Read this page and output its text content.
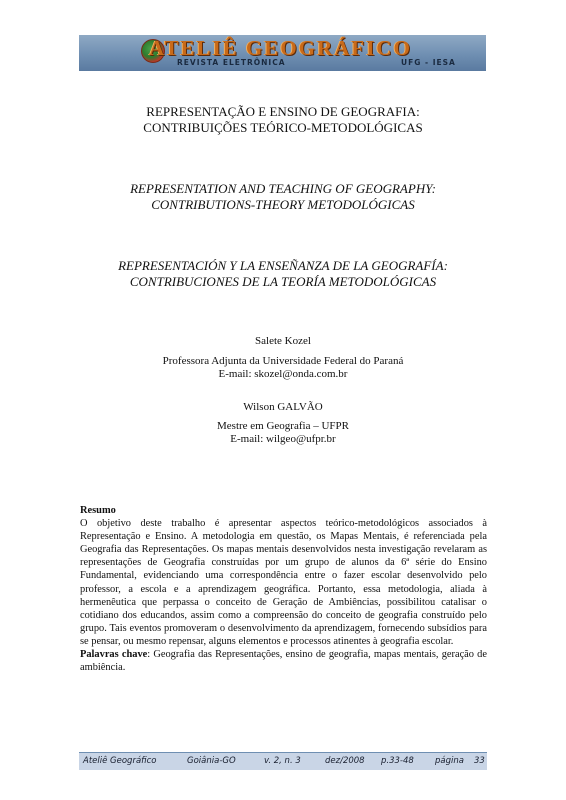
ATELIÊ GEOGRÁFICO
REVISTA ELETRÔNICA	UFG - IESA
REPRESENTAÇÃO E ENSINO DE GEOGRAFIA:
CONTRIBUIÇÕES TEÓRICO-METODOLÓGICAS
REPRESENTATION AND TEACHING OF GEOGRAPHY:
CONTRIBUTIONS-THEORY METODOLÓGICAS
REPRESENTACIÓN Y LA ENSEÑANZA DE LA GEOGRAFÍA:
CONTRIBUCIONES DE LA TEORÍA METODOLÓGICAS
Salete Kozel
Professora Adjunta da Universidade Federal do Paraná
E-mail: skozel@onda.com.br
Wilson GALVÃO
Mestre em Geografia – UFPR
E-mail: wilgeo@ufpr.br
Resumo

O objetivo deste trabalho é apresentar aspectos teórico-metodológicos associados à Representação e Ensino. A metodologia em questão, os Mapas Mentais, é referenciada pela Geografia das Representações. Os mapas mentais desenvolvidos nesta investigação revelaram as representações de Geografia construídas por um grupo de alunos da 6ª série do Ensino Fundamental, evidenciando uma correspondência entre o fazer escolar desenvolvido pelo professor, a escola e a aprendizagem geográfica. Portanto, essa metodologia, aliada à hermenêutica que perpassa o conceito de Geração de Ambiências, possibilitou catalisar o cotidiano dos educandos, assim como a compreensão do conceito de geografia construído pelo grupo. Tais eventos promoveram o desenvolvimento da aprendizagem, fornecendo subsídios para se pensar, ou mesmo repensar, alguns elementos e processos atinentes à geografia escolar.

Palavras chave: Geografia das Representações, ensino de geografia, mapas mentais, geração de ambiência.

Ateliê Geográfico	Goiânia-GO	v. 2, n. 3	dez/2008 p.33-48 página 33
